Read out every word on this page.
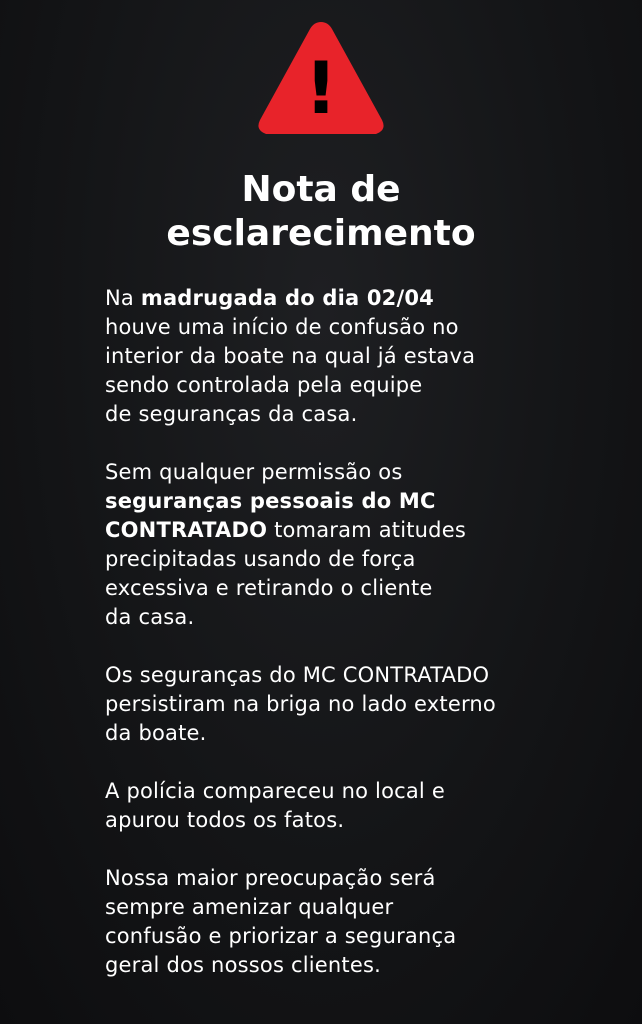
!
Nota de
esclarecimento

Na madrugada do dia 02/04
houve uma início de confusão no
interior da boate na qual já estava
sendo controlada pela equipe
de seguranças da casa.

Sem qualquer permissão os
seguranças pessoais do MC
CONTRATADO tomaram atitudes
precipitadas usando de força
excessiva e retirando o cliente
da casa.

Os seguranças do MC CONTRATADO
persistiram na briga no lado externo
da boate.

A polícia compareceu no local e
apurou todos os fatos.

Nossa maior preocupação será
sempre amenizar qualquer
confusão e priorizar a segurança
geral dos nossos clientes.
